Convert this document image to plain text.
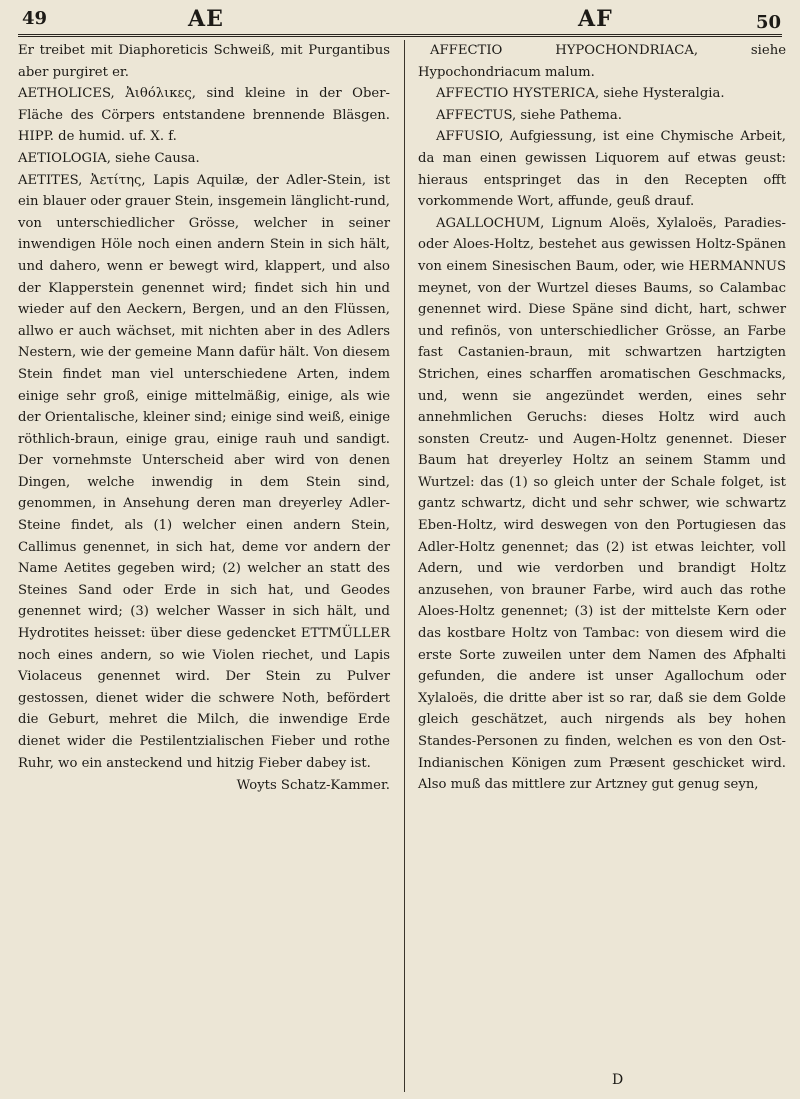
49	AE	AF	50

Er treibet mit Diaphoreticis Schweiß, mit Purgantibus aber purgiret er.

AETHOLICES, Ἀιθόλικες, sind kleine in der Ober-Fläche des Cörpers entstandene brennende Bläsgen. HIPP. de humid. uf. X. f.

AETIOLOGIA, siehe Causa.

AETITES, Ἀετίτης, Lapis Aquilæ, der Adler-Stein, ist ein blauer oder grauer Stein, insgemein länglicht-rund, von unterschiedlicher Grösse, welcher in seiner inwendigen Höle noch einen andern Stein in sich hält, und dahero, wenn er bewegt wird, klappert, und also der Klapperstein genennet wird; findet sich hin und wieder auf den Aeckern, Bergen, und an den Flüssen, allwo er auch wächset, mit nichten aber in des Adlers Nestern, wie der gemeine Mann dafür hält. Von diesem Stein findet man viel unterschiedene Arten, indem einige sehr groß, einige mittelmäßig, einige, als wie der Orientalische, kleiner sind; einige sind weiß, einige röthlich-braun, einige grau, einige rauh und sandigt. Der vornehmste Unterscheid aber wird von denen Dingen, welche inwendig in dem Stein sind, genommen, in Ansehung deren man dreyerley Adler-Steine findet, als (1) welcher einen andern Stein, Callimus genennet, in sich hat, deme vor andern der Name Aetites gegeben wird; (2) welcher an statt des Steines Sand oder Erde in sich hat, und Geodes genennet wird; (3) welcher Wasser in sich hält, und Hydrotites heisset: über diese gedencket ETTMÜLLER noch eines andern, so wie Violen riechet, und Lapis Violaceus genennet wird. Der Stein zu Pulver gestossen, dienet wider die schwere Noth, befördert die Geburt, mehret die Milch, die inwendige Erde dienet wider die Pestilentzialischen Fieber und rothe Ruhr, wo ein ansteckend und hitzig Fieber dabey ist.

Woyts Schatz-Kammer.

AFFECTIO HYPOCHONDRIACA, siehe Hypochondriacum malum.

AFFECTIO HYSTERICA, siehe Hysteralgia.

AFFECTUS, siehe Pathema.

AFFUSIO, Aufgiessung, ist eine Chymische Arbeit, da man einen gewissen Liquorem auf etwas geust: hieraus entspringet das in den Recepten offt vorkommende Wort, affunde, geuß drauf.

AGALLOCHUM, Lignum Aloës, Xylaloës, Paradies- oder Aloes-Holtz, bestehet aus gewissen Holtz-Spänen von einem Sinesischen Baum, oder, wie HERMANNUS meynet, von der Wurtzel dieses Baums, so Calambac genennet wird. Diese Späne sind dicht, hart, schwer und refinös, von unterschiedlicher Grösse, an Farbe fast Castanien-braun, mit schwartzen hartzigten Strichen, eines scharffen aromatischen Geschmacks, und, wenn sie angezündet werden, eines sehr annehmlichen Geruchs: dieses Holtz wird auch sonsten Creutz- und Augen-Holtz genennet. Dieser Baum hat dreyerley Holtz an seinem Stamm und Wurtzel: das (1) so gleich unter der Schale folget, ist gantz schwartz, dicht und sehr schwer, wie schwartz Eben-Holtz, wird deswegen von den Portugiesen das Adler-Holtz genennet; das (2) ist etwas leichter, voll Adern, und wie verdorben und brandigt Holtz anzusehen, von brauner Farbe, wird auch das rothe Aloes-Holtz genennet; (3) ist der mittelste Kern oder das kostbare Holtz von Tambac: von diesem wird die erste Sorte zuweilen unter dem Namen des Afphalti gefunden, die andere ist unser Agallochum oder Xylaloës, die dritte aber ist so rar, daß sie dem Golde gleich geschätzet, auch nirgends als bey hohen Standes-Personen zu finden, welchen es von den Ost-Indianischen Königen zum Præsent geschicket wird. Also muß das mittlere zur Artzney gut genug seyn,

D
